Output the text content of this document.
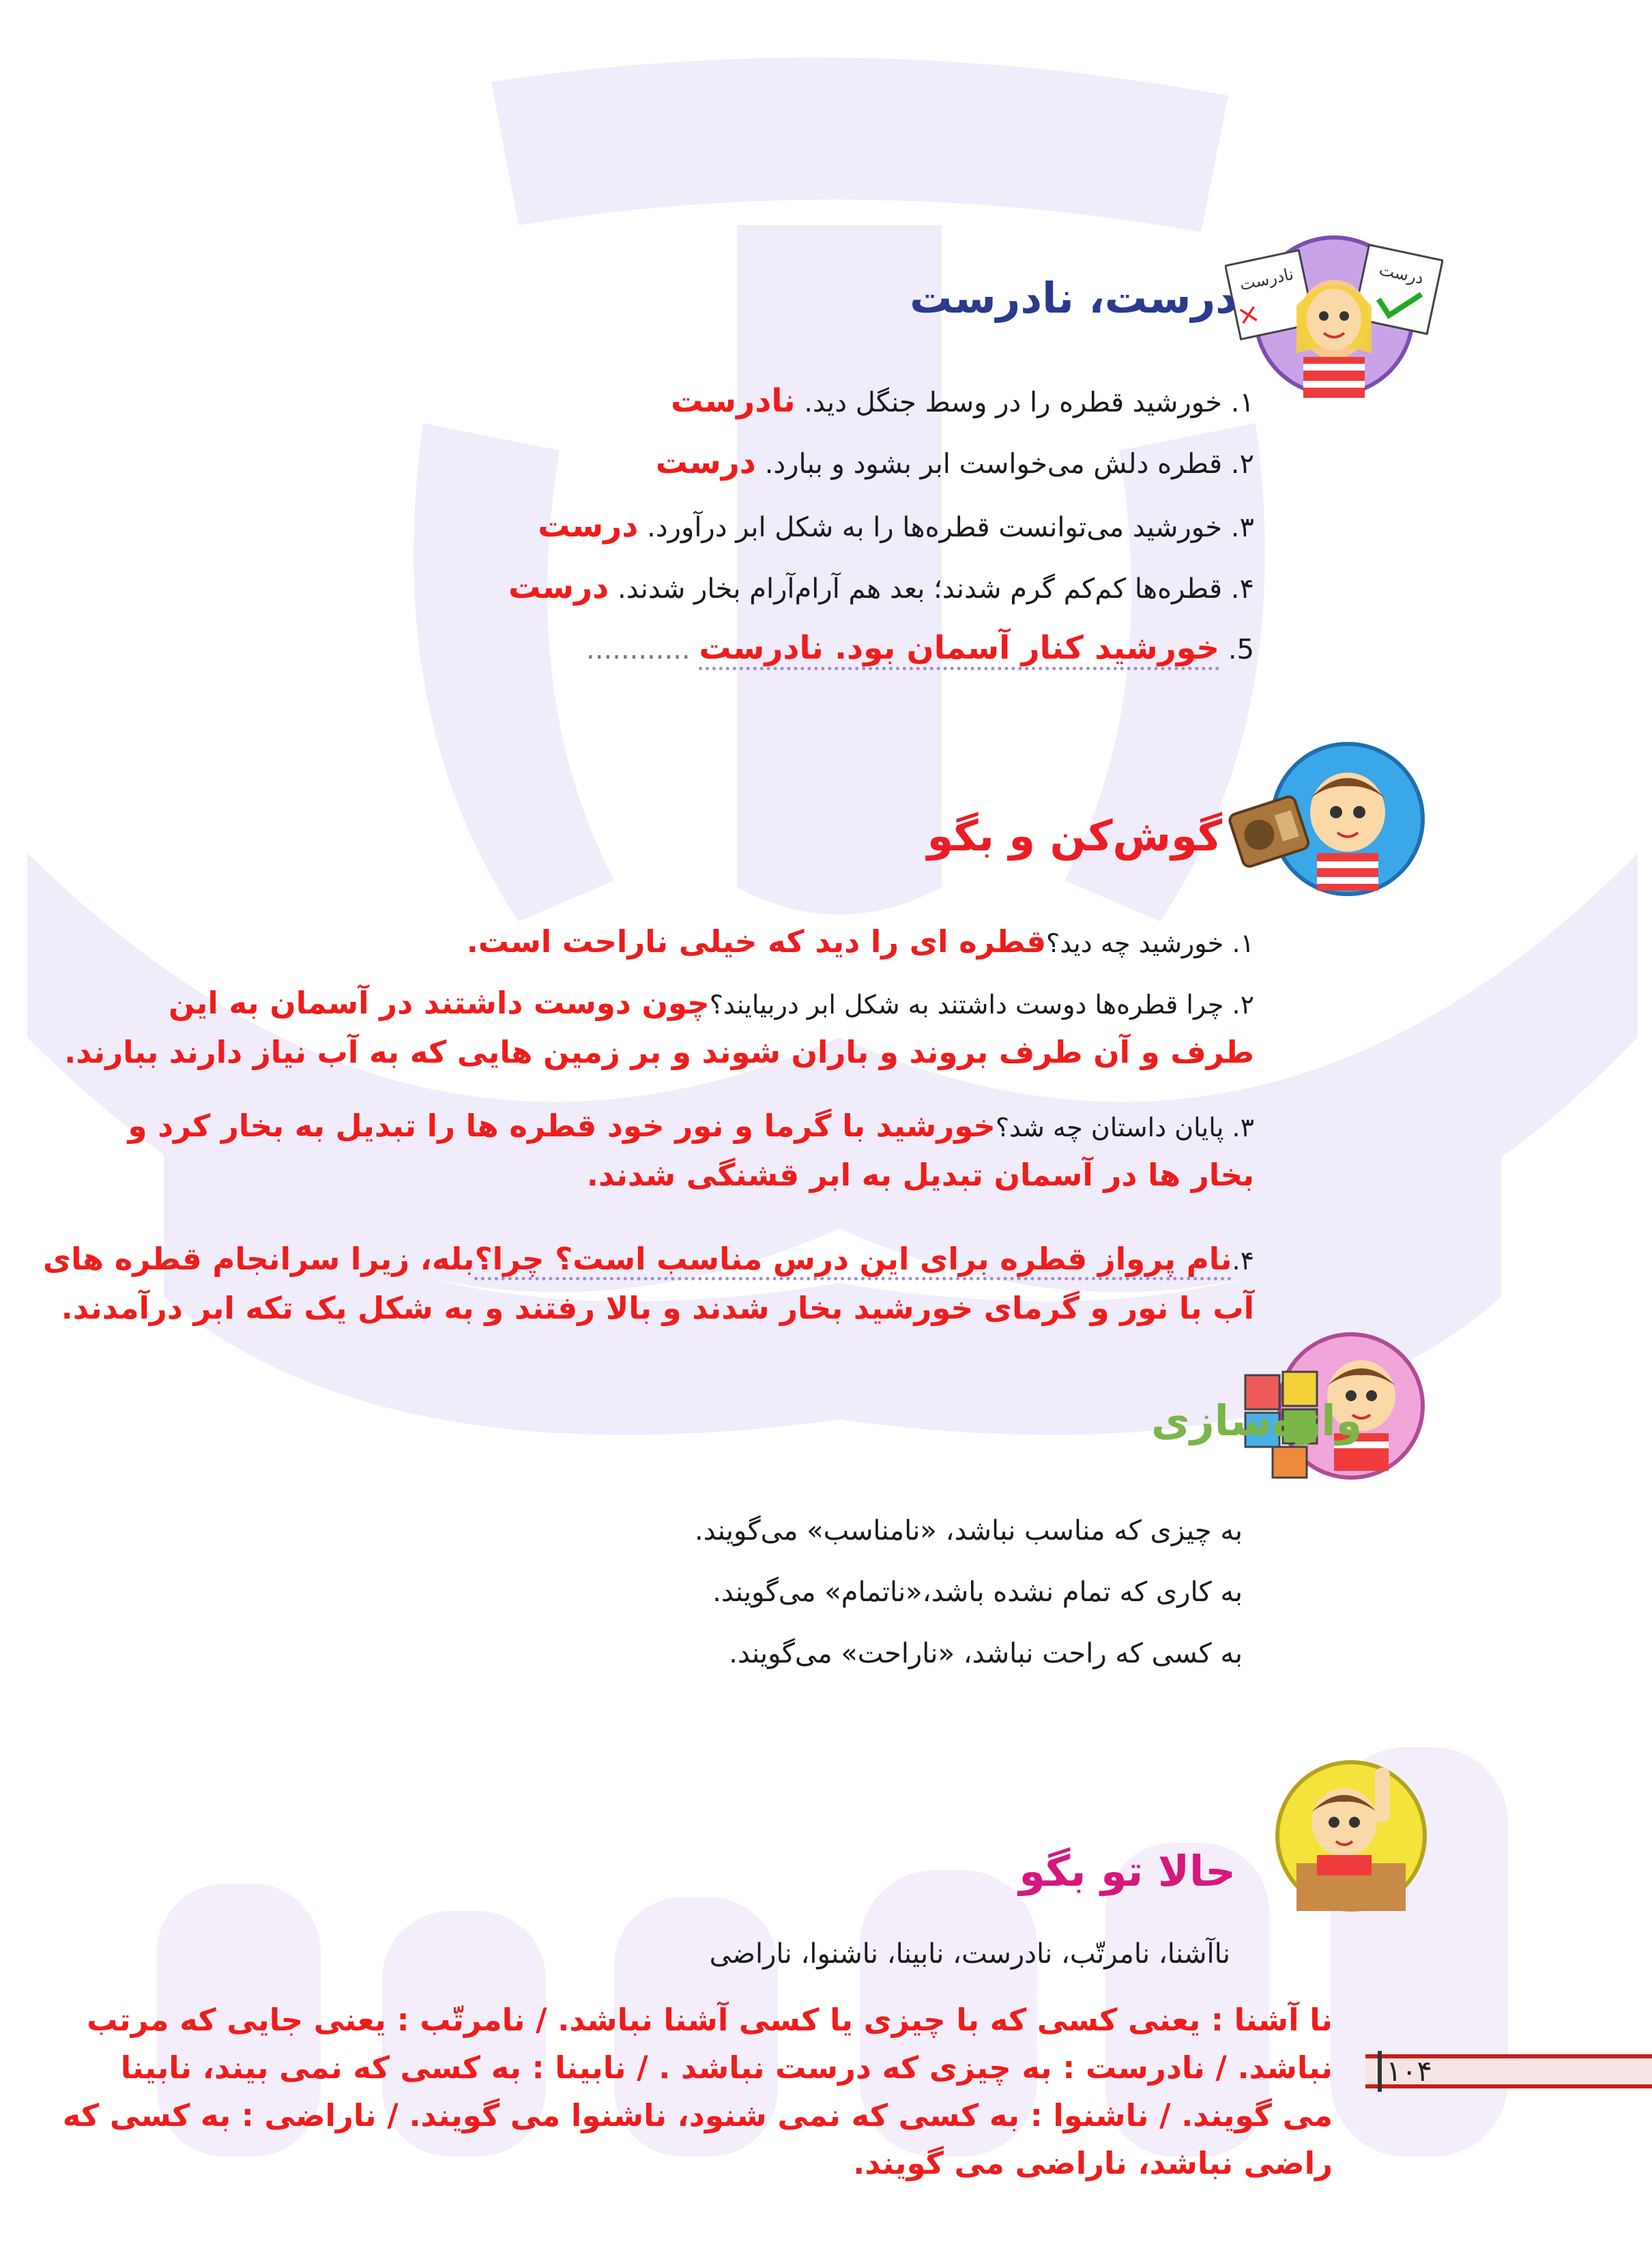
نادرست
×
درست
درست، نادرست
۱. خورشید قطره را در وسط جنگل دید. نادرست
۲. قطره دلش می‌خواست ابر بشود و ببارد. درست
۳. خورشید می‌توانست قطره‌ها را به شکل ابر درآورد. درست
۴. قطره‌ها کم‌کم گرم شدند؛ بعد هم آرام‌آرام بخار شدند. درست
5. خورشید کنار آسمان بود. نادرست ............
گوش‌کن و بگو
۱. خورشید چه دید؟قطره ای را دید که خیلی ناراحت است.
۲. چرا قطره‌ها دوست داشتند به شکل ابر دربیایند؟چون دوست داشتند در آسمان به این
طرف و آن طرف بروند و باران شوند و بر زمین هایی که به آب نیاز دارند ببارند.
۳. پایان داستان چه شد؟خورشید با گرما و نور خود قطره ها را تبدیل به بخار کرد و
بخار ها در آسمان تبدیل به ابر قشنگی شدند.
۴.نام پرواز قطره برای این درس مناسب است؟ چرا؟بله، زیرا سرانجام قطره های
آب با نور و گرمای خورشید بخار شدند و بالا رفتند و به شکل یک تکه ابر درآمدند.
واژه‌سازی
به چیزی که مناسب نباشد، «نامناسب» می‌گویند.
به کاری که تمام نشده باشد،«ناتمام» می‌گویند.
به کسی که راحت نباشد، «ناراحت» می‌گویند.
حالا تو بگو
ناآشنا، نامرتّب، نادرست، نابینا، ناشنوا، ناراضی
نا آشنا : یعنی کسی که با چیزی یا کسی آشنا نباشد. / نامرتّب : یعنی جایی که مرتب
نباشد. / نادرست : به چیزی که درست نباشد . / نابینا : به کسی که نمی بیند، نابینا
می گویند. / ناشنوا : به کسی که نمی شنود، ناشنوا می گویند. / ناراضی : به کسی که
راضی نباشد، ناراضی می گویند.
۱۰۴
